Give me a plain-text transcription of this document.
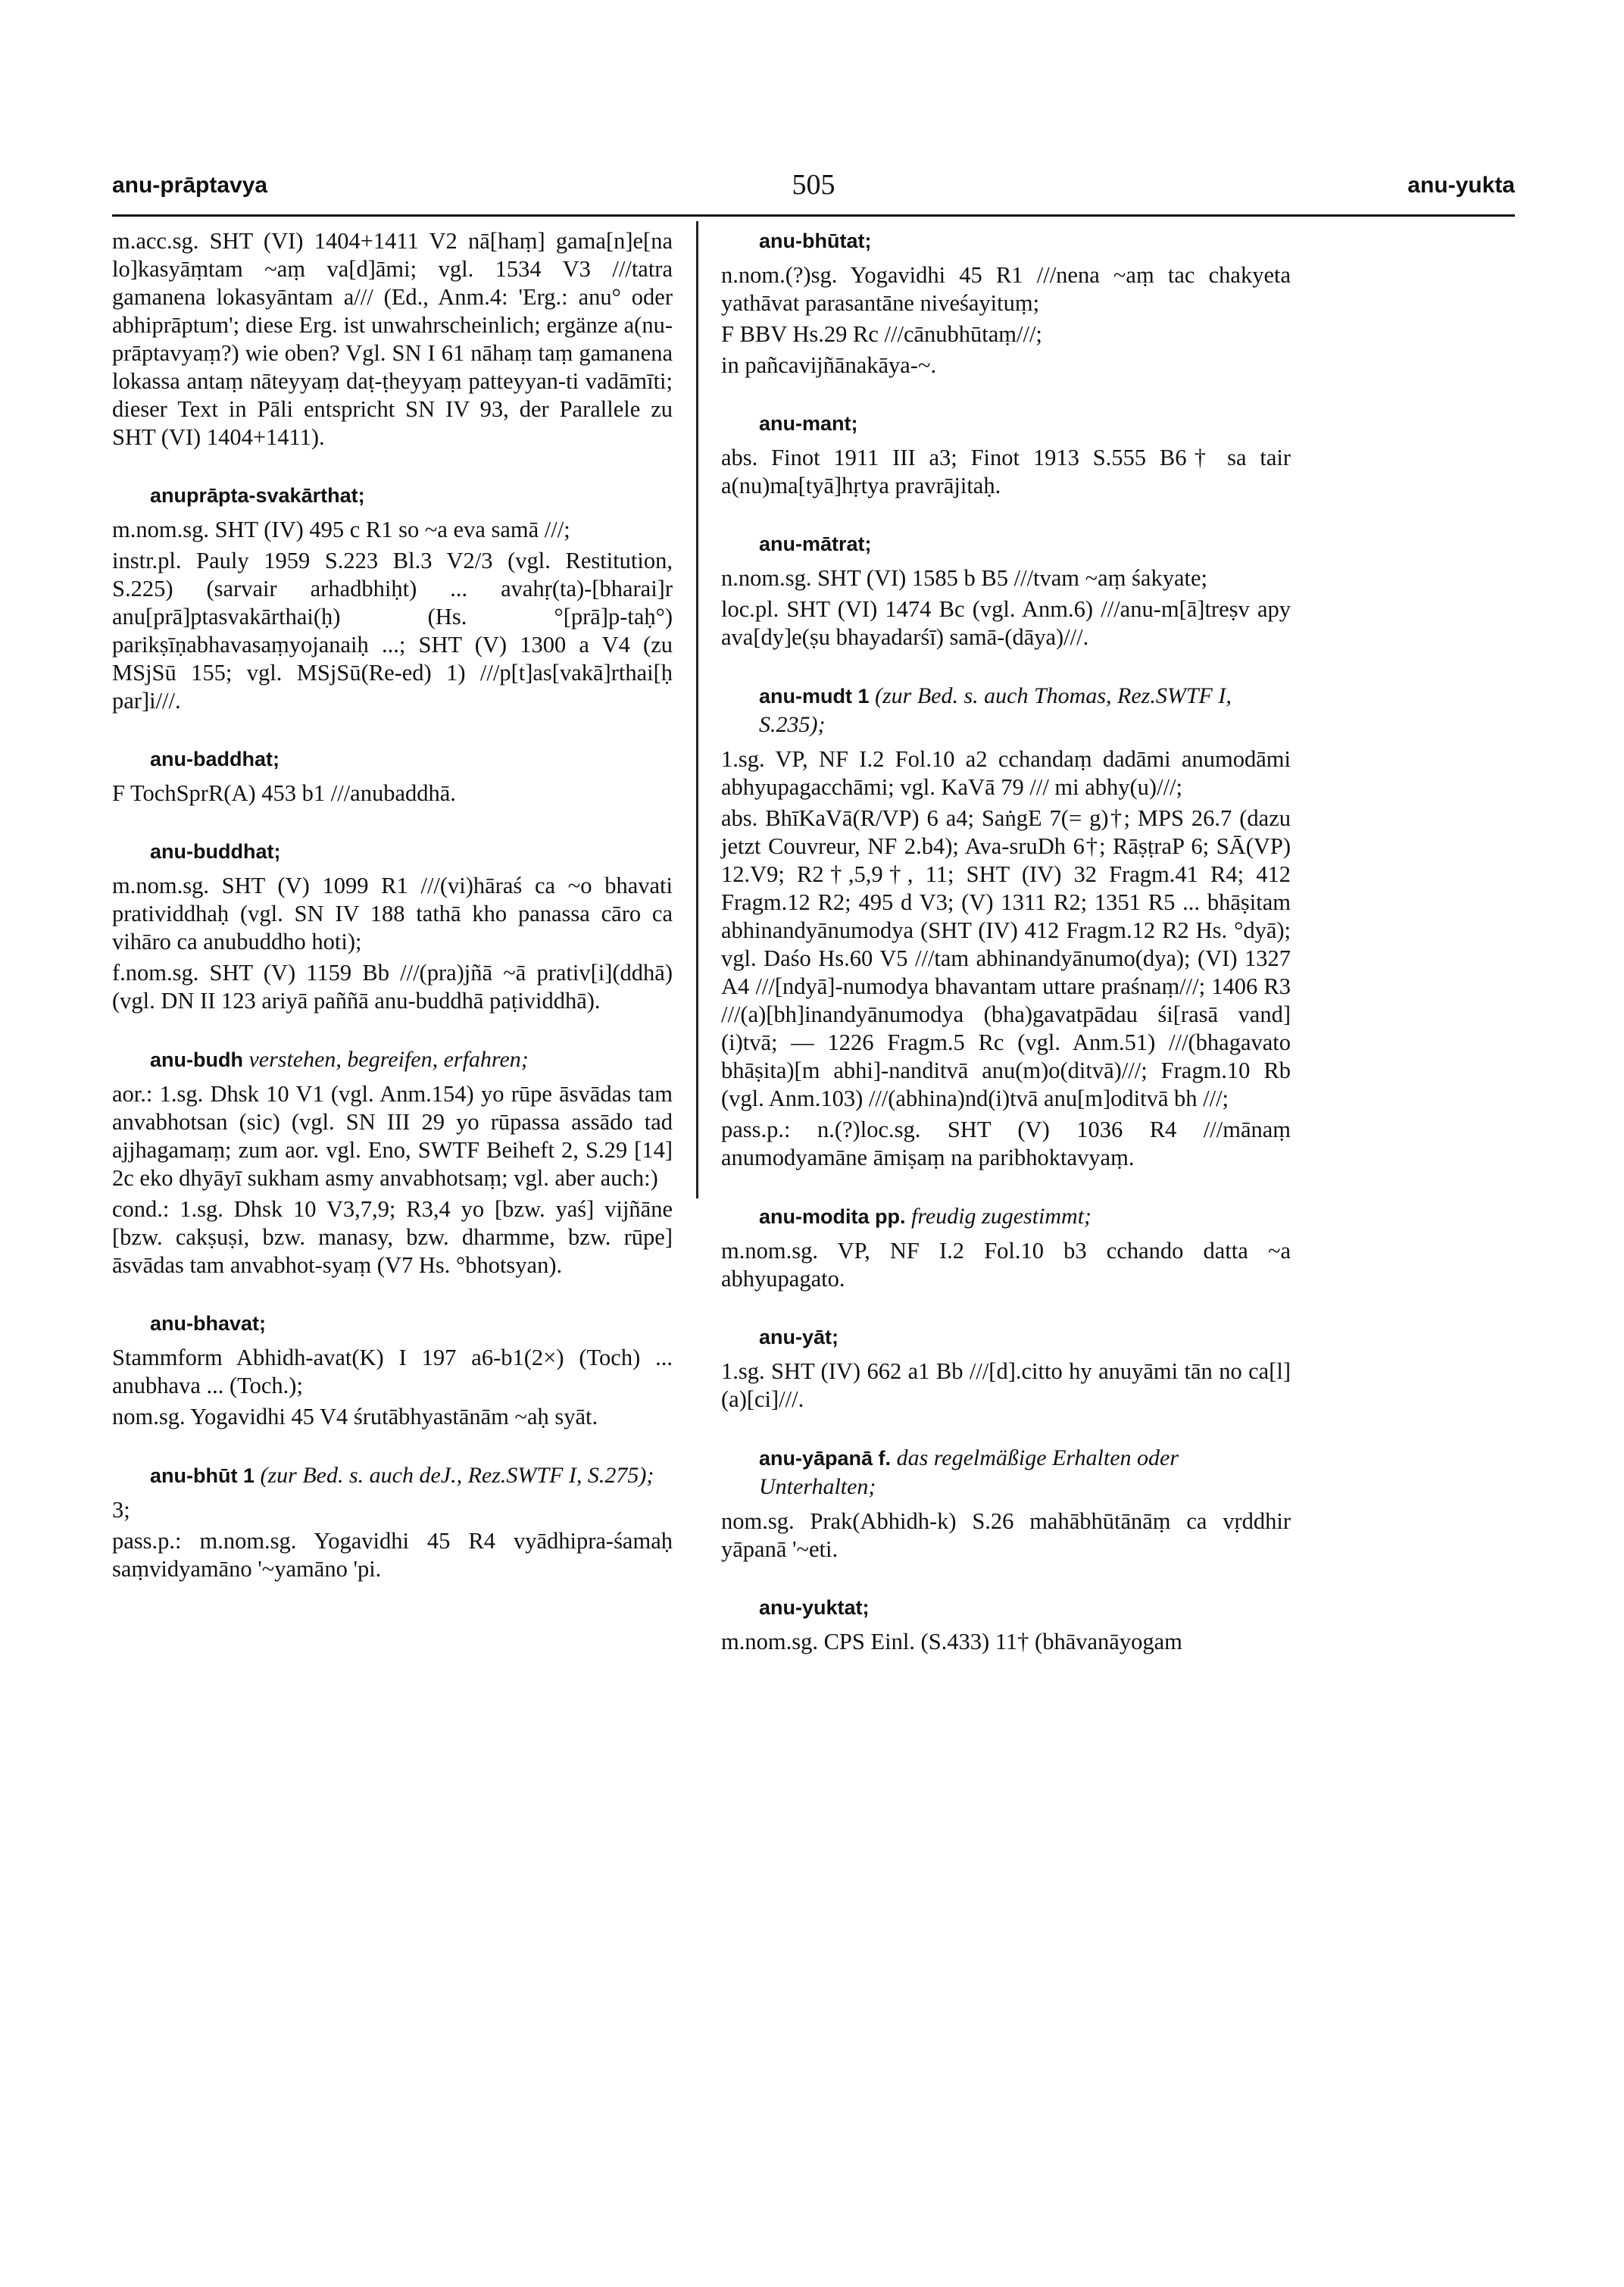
anu-prāptavya	505	anu-yukta
m.acc.sg. SHT (VI) 1404+1411 V2 nā[haṃ] gama[n]e[na lo]kasyāṃtam ~aṃ va[d]āmi; vgl. 1534 V3 ///tatra gamanena lokasyāntam a/// (Ed., Anm.4: 'Erg.: anu° oder abhiprāptum'; diese Erg. ist unwahrscheinlich; ergänze a(nu-prāptavyaṃ?) wie oben? Vgl. SN I 61 nāhaṃ taṃ gamanena lokassa antaṃ nāteyyaṃ daṭ-ṭheyyaṃ patteyyan-ti vadāmīti; dieser Text in Pāli entspricht SN IV 93, der Parallele zu SHT (VI) 1404+1411).
anuprāpta-svakārthat;
m.nom.sg. SHT (IV) 495 c R1 so ~a eva samā ///;
instr.pl. Pauly 1959 S.223 Bl.3 V2/3 (vgl. Restitution, S.225) (sarvair arhadbhiḥt) ... avahṛ(ta)-[bharai]r anu[prā]ptasvakārthai(ḥ) (Hs. °[prā]p-taḥ°) parikṣīṇabhavasaṃyojanaiḥ ...; SHT (V) 1300 a V4 (zu MSjSū 155; vgl. MSjSū(Re-ed) 1) ///p[t]as[vakā]rthai[ḥ par]i///.
anu-baddhat;
F TochSprR(A) 453 b1 ///anubaddhā.
anu-buddhat;
m.nom.sg. SHT (V) 1099 R1 ///(vi)hāraś ca ~o bhavati pratividdhaḥ (vgl. SN IV 188 tathā kho panassa cāro ca vihāro ca anubuddho hoti);
f.nom.sg. SHT (V) 1159 Bb ///(pra)jñā ~ā prativ[i](ddhā) (vgl. DN II 123 ariyā paññā anu-buddhā paṭividdhā).
anu-budh verstehen, begreifen, erfahren;
aor.: 1.sg. Dhsk 10 V1 (vgl. Anm.154) yo rūpe āsvādas tam anvabhotsan (sic) (vgl. SN III 29 yo rūpassa assādo tad ajjhagamaṃ; zum aor. vgl. Eno, SWTF Beiheft 2, S.29 [14] 2c eko dhyāyī sukham asmy anvabhotsaṃ; vgl. aber auch:)
cond.: 1.sg. Dhsk 10 V3,7,9; R3,4 yo [bzw. yaś] vijñāne [bzw. cakṣuṣi, bzw. manasy, bzw. dharmme, bzw. rūpe] āsvādas tam anvabhot-syaṃ (V7 Hs. °bhotsyan).
anu-bhavat;
Stammform Abhidh-avat(K) I 197 a6-b1(2×) (Toch) ... anubhava ... (Toch.);
nom.sg. Yogavidhi 45 V4 śrutābhyastānām ~aḥ syāt.
anu-bhūt 1 (zur Bed. s. auch deJ., Rez.SWTF I, S.275);
3;
pass.p.: m.nom.sg. Yogavidhi 45 R4 vyādhipra-śamaḥ saṃvidyamāno '~yamāno 'pi.
anu-bhūtat;
n.nom.(?)sg. Yogavidhi 45 R1 ///nena ~aṃ tac chakyeta yathāvat parasantāne niveśayituṃ;
F BBV Hs.29 Rc ///cānubhūtaṃ///;
in pañcavijñānakāya-~.
anu-mant;
abs. Finot 1911 III a3; Finot 1913 S.555 B6† sa tair a(nu)ma[tyā]hṛtya pravrājitaḥ.
anu-mātrat;
n.nom.sg. SHT (VI) 1585 b B5 ///tvam ~aṃ śakyate;
loc.pl. SHT (VI) 1474 Bc (vgl. Anm.6) ///anu-m[ā]treṣv apy ava[dy]e(ṣu bhayadarśī) samā-(dāya)///.
anu-mudt 1 (zur Bed. s. auch Thomas, Rez.SWTF I, S.235);
1.sg. VP, NF I.2 Fol.10 a2 cchandaṃ dadāmi anumodāmi abhyupagacchāmi; vgl. KaVā 79 /// mi abhy(u)///;
abs. BhīKaVā(R/VP) 6 a4; SaṅgE 7(= g)†; MPS 26.7 (dazu jetzt Couvreur, NF 2.b4); Ava-sruDh 6†; RāṣṭraP 6; SĀ(VP) 12.V9; R2†,5,9†, 11; SHT (IV) 32 Fragm.41 R4; 412 Fragm.12 R2; 495 d V3; (V) 1311 R2; 1351 R5 ... bhāṣitam abhinandyānumodya (SHT (IV) 412 Fragm.12 R2 Hs. °dyā); vgl. Daśo Hs.60 V5 ///tam abhinandyānumo(dya); (VI) 1327 A4 ///[ndyā]-numodya bhavantam uttare praśnaṃ///; 1406 R3 ///(a)[bh]inandyānumodya (bha)gavatpādau śi[rasā vand](i)tvā; — 1226 Fragm.5 Rc (vgl. Anm.51) ///(bhagavato bhāṣita)[m abhi]-nanditvā anu(m)o(ditvā)///; Fragm.10 Rb (vgl. Anm.103) ///(abhina)nd(i)tvā anu[m]oditvā bh ///;
pass.p.: n.(?)loc.sg. SHT (V) 1036 R4 ///mānaṃ anumodyamāne āmiṣaṃ na paribhoktavyaṃ.
anu-modita pp. freudig zugestimmt;
m.nom.sg. VP, NF I.2 Fol.10 b3 cchando datta ~a abhyupagato.
anu-yāt;
1.sg. SHT (IV) 662 a1 Bb ///[d].citto hy anuyāmi tān no ca[l](a)[ci]///.
anu-yāpanā f. das regelmäßige Erhalten oder Unterhalten;
nom.sg. Prak(Abhidh-k) S.26 mahābhūtānāṃ ca vṛddhir yāpanā '~eti.
anu-yuktat;
m.nom.sg. CPS Einl. (S.433) 11† (bhāvanāyogam
